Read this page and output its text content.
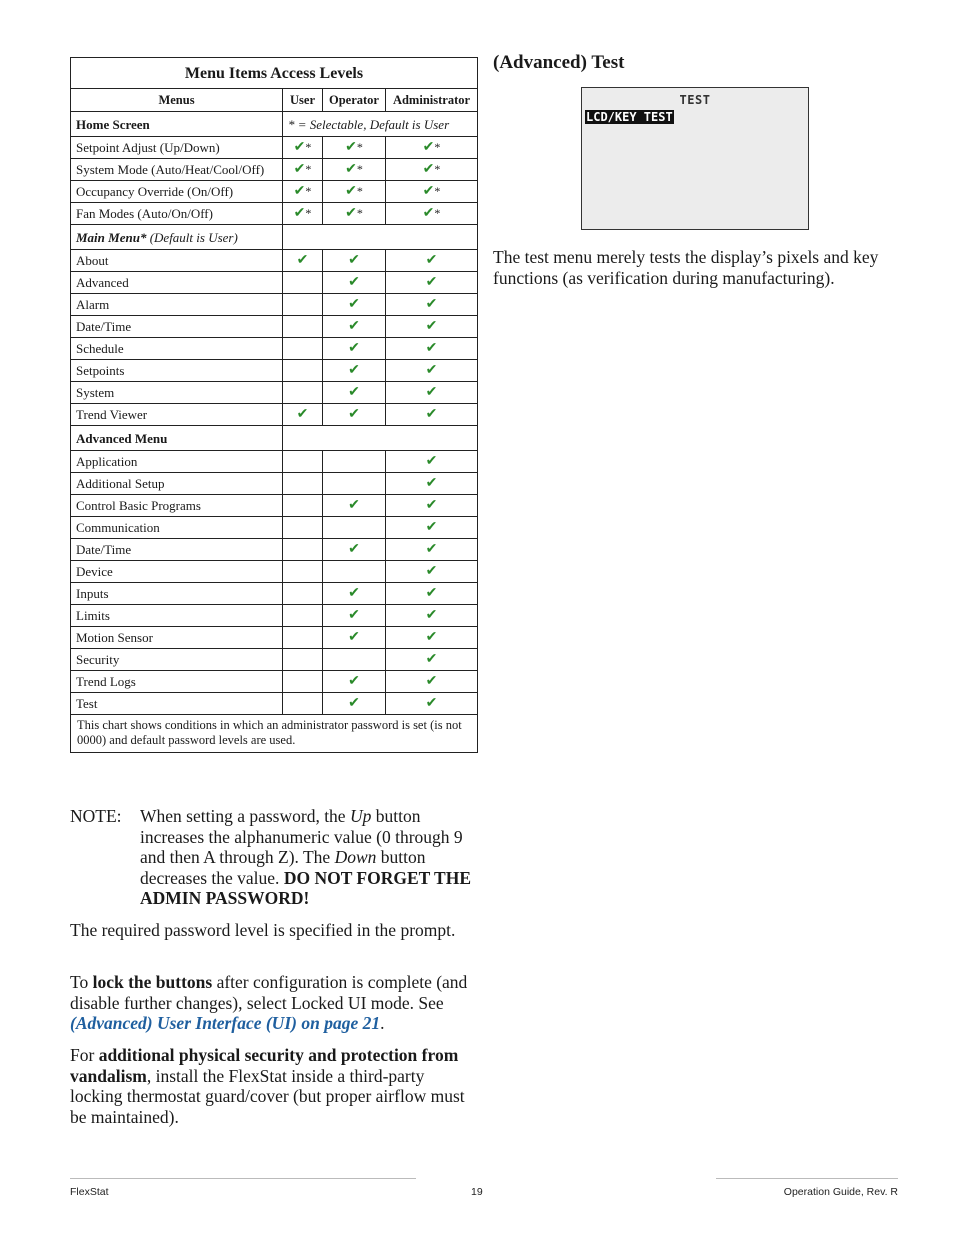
Menu Items Access Levels			
Menus	User	Operator	Administrator
Home Screen	* = Selectable, Default is User		
Setpoint Adjust (Up/Down)	✔*	✔*	✔*
System Mode (Auto/Heat/Cool/Off)	✔*	✔*	✔*
Occupancy Override (On/Off)	✔*	✔*	✔*
Fan Modes (Auto/On/Off)	✔*	✔*	✔*
Main Menu* (Default is User)			
About	✔	✔	✔
Advanced		✔	✔
Alarm		✔	✔
Date/Time		✔	✔
Schedule		✔	✔
Setpoints		✔	✔
System		✔	✔
Trend Viewer	✔	✔	✔
Advanced Menu			
Application			✔
Additional Setup			✔
Control Basic Programs		✔	✔
Communication			✔
Date/Time		✔	✔
Device			✔
Inputs		✔	✔
Limits		✔	✔
Motion Sensor		✔	✔
Security			✔
Trend Logs		✔	✔
Test		✔	✔
This chart shows conditions in which an administrator password is set (is not 0000) and default password levels are used.			
NOTE: When setting a password, the Up button increases the alphanumeric value (0 through 9 and then A through Z). The Down button decreases the value. DO NOT FORGET THE ADMIN PASSWORD!
The required password level is specified in the prompt.
To lock the buttons after configuration is complete (and disable further changes), select Locked UI mode. See (Advanced) User Interface (UI) on page 21.
For additional physical security and protection from vandalism, install the FlexStat inside a third-party locking thermostat guard/cover (but proper airflow must be maintained).
(Advanced) Test
TEST
LCD/KEY TEST
The test menu merely tests the display’s pixels and key functions (as verification during manufacturing).
FlexStat	19	Operation Guide, Rev. R
